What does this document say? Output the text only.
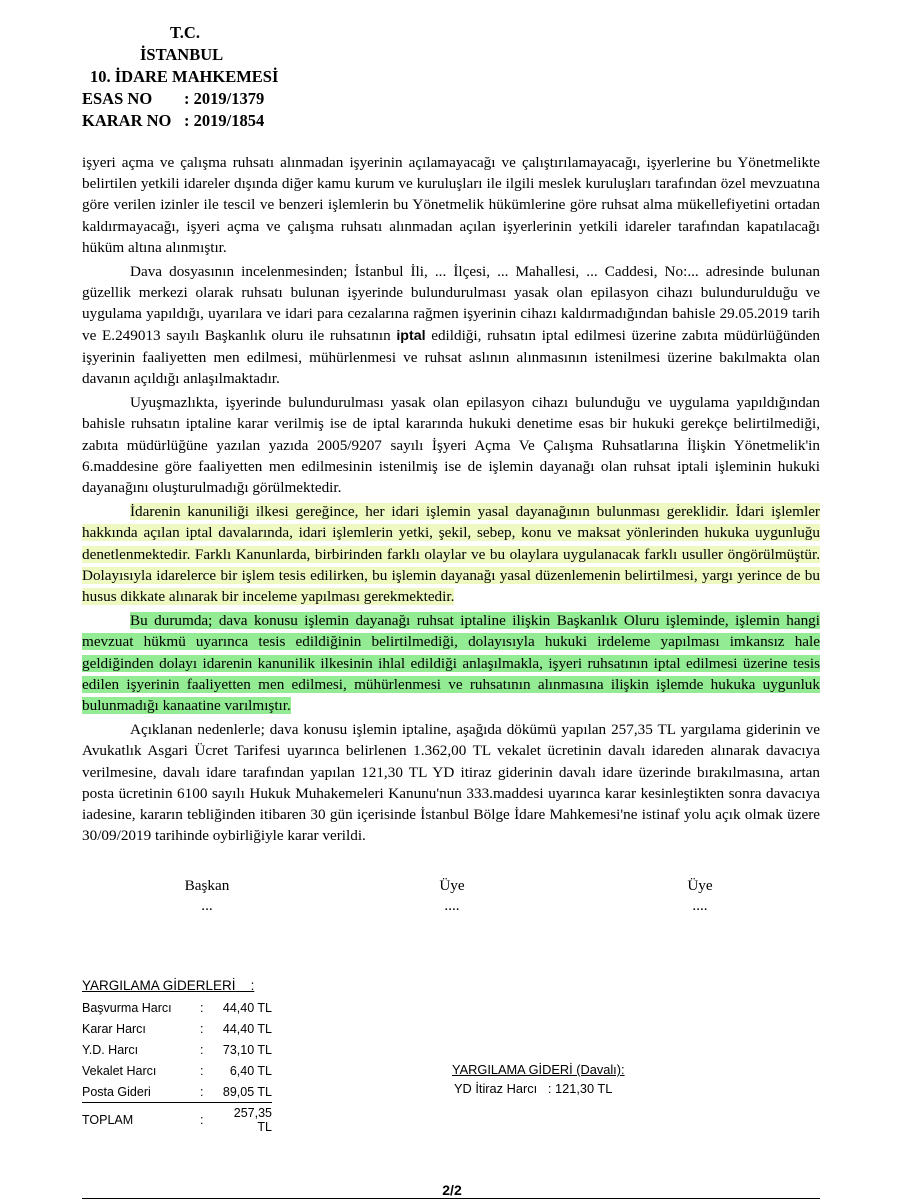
T.C.
İSTANBUL
10. İDARE MAHKEMESİ
ESAS NO	: 2019/1379
KARAR NO : 2019/1854

işyeri açma ve çalışma ruhsatı alınmadan işyerinin açılamayacağı ve çalıştırılamayacağı, işyerlerine bu Yönetmelikte belirtilen yetkili idareler dışında diğer kamu kurum ve kuruluşları ile ilgili meslek kuruluşları tarafından özel mevzuatına göre verilen izinler ile tescil ve benzeri işlemlerin bu Yönetmelik hükümlerine göre ruhsat alma mükellefiyetini ortadan kaldırmayacağı, işyeri açma ve çalışma ruhsatı alınmadan açılan işyerlerinin yetkili idareler tarafından kapatılacağı hüküm altına alınmıştır.

Dava dosyasının incelenmesinden; İstanbul İli, ... İlçesi, ... Mahallesi, ... Caddesi, No:... adresinde bulunan güzellik merkezi olarak ruhsatı bulunan işyerinde bulundurulması yasak olan epilasyon cihazı bulundurulduğu ve uygulama yapıldığı, uyarılara ve idari para cezalarına rağmen işyerinin cihazı kaldırmadığından bahisle 29.05.2019 tarih ve E.249013 sayılı Başkanlık oluru ile ruhsatının iptal edildiği, ruhsatın iptal edilmesi üzerine zabıta müdürlüğünden işyerinin faaliyetten men edilmesi, mühürlenmesi ve ruhsat aslının alınmasının istenilmesi üzerine bakılmakta olan davanın açıldığı anlaşılmaktadır.

Uyuşmazlıkta, işyerinde bulundurulması yasak olan epilasyon cihazı bulunduğu ve uygulama yapıldığından bahisle ruhsatın iptaline karar verilmiş ise de iptal kararında hukuki denetime esas bir hukuki gerekçe belirtilmediği, zabıta müdürlüğüne yazılan yazıda 2005/9207 sayılı İşyeri Açma Ve Çalışma Ruhsatlarına İlişkin Yönetmelik'in 6.maddesine göre faaliyetten men edilmesinin istenilmiş ise de işlemin dayanağı olan ruhsat iptali işleminin hukuki dayanağını oluşturulmadığı görülmektedir.

İdarenin kanuniliği ilkesi gereğince, her idari işlemin yasal dayanağının bulunması gereklidir. İdari işlemler hakkında açılan iptal davalarında, idari işlemlerin yetki, şekil, sebep, konu ve maksat yönlerinden hukuka uygunluğu denetlenmektedir. Farklı Kanunlarda, birbirinden farklı olaylar ve bu olaylara uygulanacak farklı usuller öngörülmüştür. Dolayısıyla idarelerce bir işlem tesis edilirken, bu işlemin dayanağı yasal düzenlemenin belirtilmesi, yargı yerince de bu husus dikkate alınarak bir inceleme yapılması gerekmektedir.

Bu durumda; dava konusu işlemin dayanağı ruhsat iptaline ilişkin Başkanlık Oluru işleminde, işlemin hangi mevzuat hükmü uyarınca tesis edildiğinin belirtilmediği, dolayısıyla hukuki irdeleme yapılması imkansız hale geldiğinden dolayı idarenin kanunilik ilkesinin ihlal edildiği anlaşılmakla, işyeri ruhsatının iptal edilmesi üzerine tesis edilen işyerinin faaliyetten men edilmesi, mühürlenmesi ve ruhsatının alınmasına ilişkin işlemde hukuka uygunluk bulunmadığı kanaatine varılmıştır.

Açıklanan nedenlerle; dava konusu işlemin iptaline, aşağıda dökümü yapılan 257,35 TL yargılama giderinin ve Avukatlık Asgari Ücret Tarifesi uyarınca belirlenen 1.362,00 TL vekalet ücretinin davalı idareden alınarak davacıya verilmesine, davalı idare tarafından yapılan 121,30 TL YD itiraz giderinin davalı idare üzerinde bırakılmasına, artan posta ücretinin 6100 sayılı Hukuk Muhakemeleri Kanunu'nun 333.maddesi uyarınca karar kesinleştikten sonra davacıya iadesine, kararın tebliğinden itibaren 30 gün içerisinde İstanbul Bölge İdare Mahkemesi'ne istinaf yolu açık olmak üzere 30/09/2019 tarihinde oybirliğiyle karar verildi.

Başkan
...
Üye
....
Üye
....
YARGILAMA GİDERLERİ :
Başvurma Harcı	:	44,40 TL
Karar Harcı	:	44,40 TL
Y.D. Harcı	:	73,10 TL
Vekalet Harcı	:	6,40 TL
Posta Gideri	:	89,05 TL
TOPLAM	:	257,35 TL
YARGILAMA GİDERİ (Davalı):
YD İtiraz Harcı   : 121,30 TL
2/2
